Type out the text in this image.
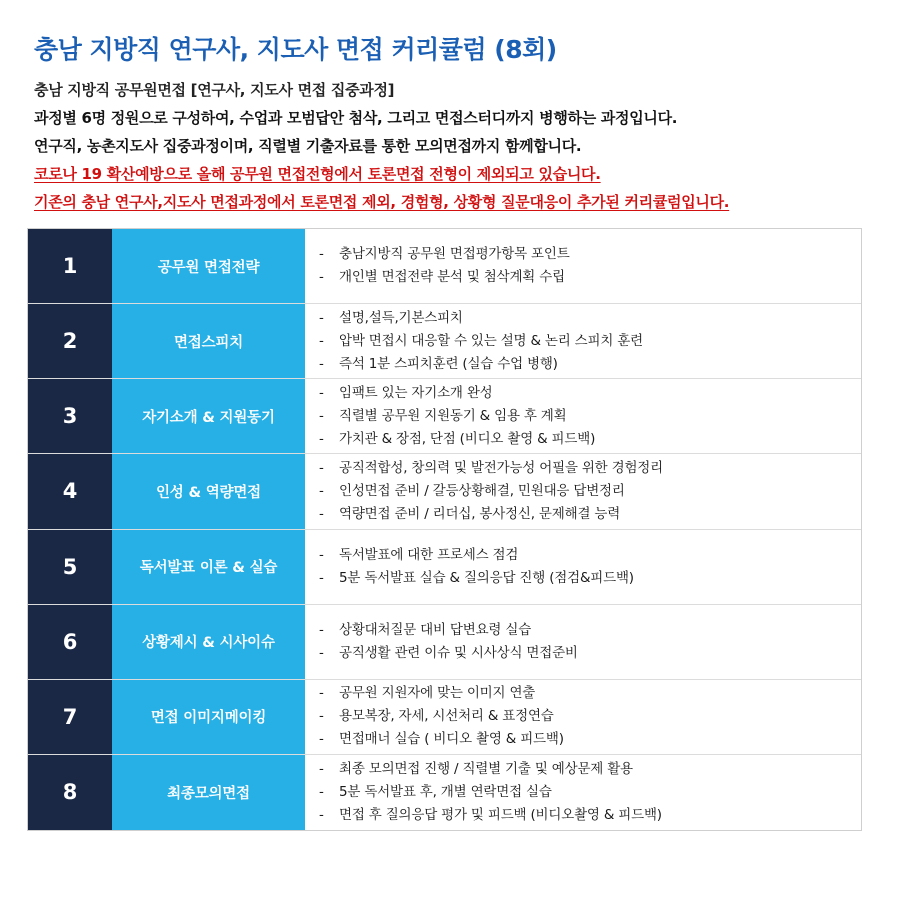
충남 지방직 연구사, 지도사 면접 커리큘럼 (8회)
충남 지방직 공무원면접 [연구사, 지도사 면접 집중과정]
과정별 6명 정원으로 구성하여, 수업과 모범답안 첨삭, 그리고 면접스터디까지 병행하는 과정입니다.
연구직, 농촌지도사 집중과정이며, 직렬별 기출자료를 통한 모의면접까지 함께합니다.
코로나 19 확산예방으로 올해 공무원 면접전형에서 토론면접 전형이 제외되고 있습니다.
기존의 충남 연구사,지도사 면접과정에서 토론면접 제외, 경험형, 상황형 질문대응이 추가된 커리큘럼입니다.
1	공무원 면접전략
- 충남지방직 공무원 면접평가항목 포인트
- 개인별 면접전략 분석 및 첨삭계획 수립
2	면접스피치
- 설명,설득,기본스피치
- 압박 면접시 대응할 수 있는 설명 & 논리 스피치 훈련
- 즉석 1분 스피치훈련 (실습 수업 병행)
3	자기소개 & 지원동기
- 임팩트 있는 자기소개 완성
- 직렬별 공무원 지원동기 & 임용 후 계획
- 가치관 & 장점, 단점 (비디오 촬영 & 피드백)
4	인성 & 역량면접
- 공직적합성, 창의력 및 발전가능성 어필을 위한 경험정리
- 인성면접 준비 / 갈등상황해결, 민원대응 답변정리
- 역량면접 준비 / 리더십, 봉사정신, 문제해결 능력
5	독서발표 이론 & 실습
- 독서발표에 대한 프로세스 점검
- 5분 독서발표 실습 & 질의응답 진행 (점검&피드백)
6	상황제시 & 시사이슈
- 상황대처질문 대비 답변요령 실습
- 공직생활 관련 이슈 및 시사상식 면접준비
7	면접 이미지메이킹
- 공무원 지원자에 맞는 이미지 연출
- 용모복장, 자세, 시선처리 & 표정연습
- 면접매너 실습 ( 비디오 촬영 & 피드백)
8	최종모의면접
- 최종 모의면접 진행 / 직렬별 기출 및 예상문제 활용
- 5분 독서발표 후, 개별 연락면접 실습
- 면접 후 질의응답 평가 및 피드백 (비디오촬영 & 피드백)
